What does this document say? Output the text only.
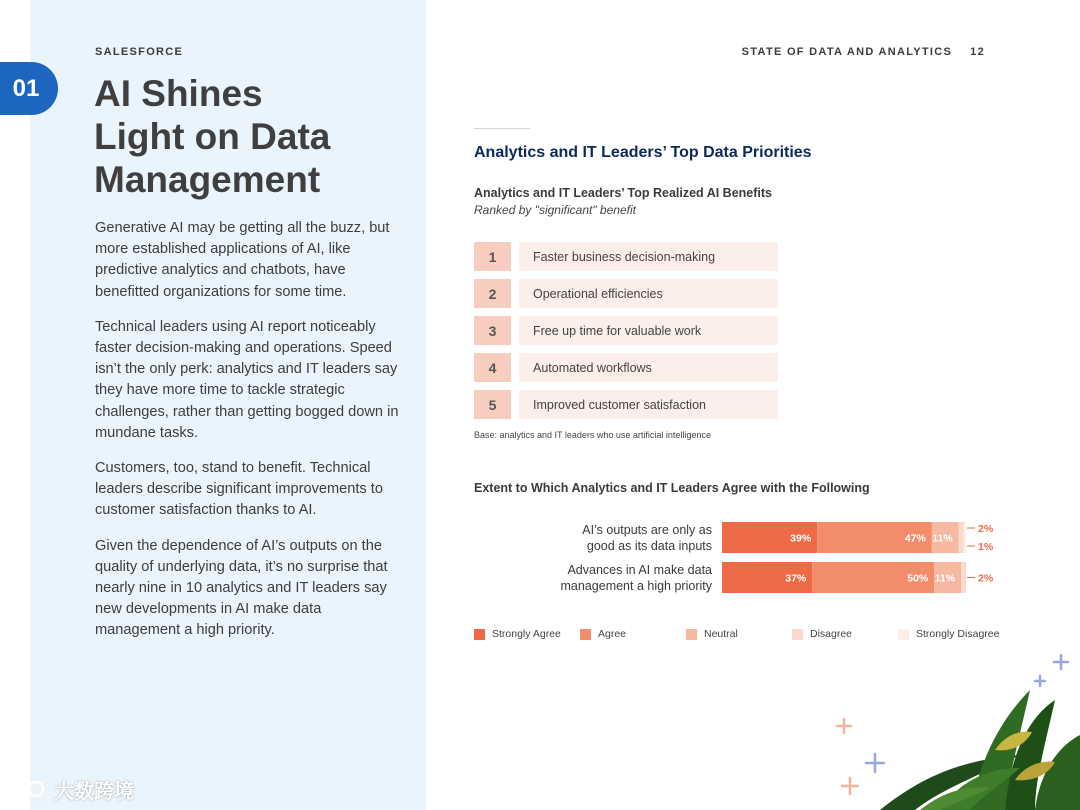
01
SALESFORCE
AI Shines
Light on Data
Management

Generative AI may be getting all the buzz, but more established applications of AI, like predictive analytics and chatbots, have benefitted organizations for some time.

Technical leaders using AI report noticeably faster decision-making and operations. Speed isn’t the only perk: analytics and IT leaders say they have more time to tackle strategic challenges, rather than getting bogged down in mundane tasks.

Customers, too, stand to benefit. Technical leaders describe significant improvements to customer satisfaction thanks to AI.

Given the dependence of AI’s outputs on the quality of underlying data, it’s no surprise that nearly nine in 10 analytics and IT leaders say new developments in AI make data management a high priority.

STATE OF DATA AND ANALYTICS 12
Analytics and IT Leaders’ Top Data Priorities
Analytics and IT Leaders’ Top Realized AI Benefits
Ranked by "significant" benefit
1	Faster business decision-making
2	Operational efficiencies
3	Free up time for valuable work
4	Automated workflows
5	Improved customer satisfaction
Base: analytics and IT leaders who use artificial intelligence
Extent to Which Analytics and IT Leaders Agree with the Following
AI’s outputs are only as
good as its data inputs
39%	47% 11%
2%
1%
Advances in AI make data
management a high priority
37%	50% 11% 2%
Strongly Agree	Agree	Neutral	Disagree	Strongly Disagree
大数跨境
